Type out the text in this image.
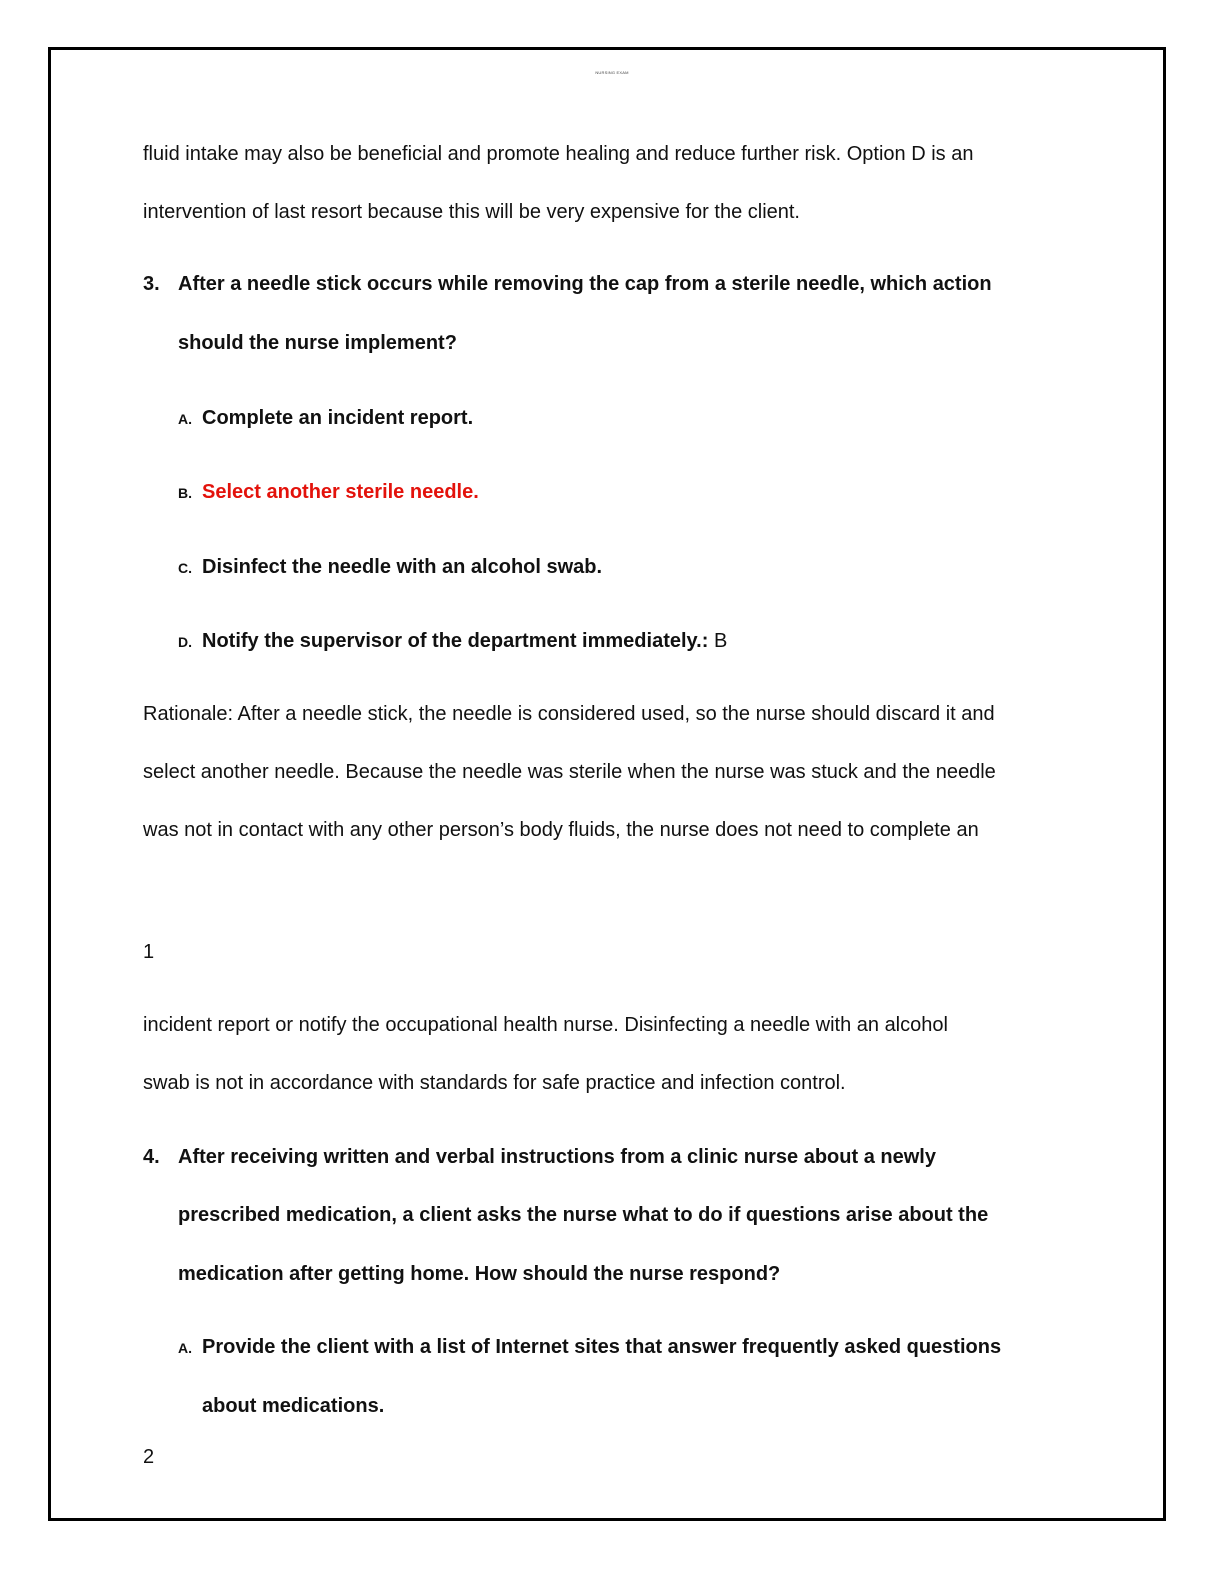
NURSING EXAM
fluid intake may also be beneficial and promote healing and reduce further risk. Option D is an
intervention of last resort because this will be very expensive for the client.
3. After a needle stick occurs while removing the cap from a sterile needle, which action
should the nurse implement?
A. Complete an incident report.
B. Select another sterile needle.
C. Disinfect the needle with an alcohol swab.
D. Notify the supervisor of the department immediately.: B
Rationale: After a needle stick, the needle is considered used, so the nurse should discard it and
select another needle. Because the needle was sterile when the nurse was stuck and the needle
was not in contact with any other person’s body fluids, the nurse does not need to complete an
1
incident report or notify the occupational health nurse. Disinfecting a needle with an alcohol
swab is not in accordance with standards for safe practice and infection control.
4. After receiving written and verbal instructions from a clinic nurse about a newly
prescribed medication, a client asks the nurse what to do if questions arise about the
medication after getting home. How should the nurse respond?
A. Provide the client with a list of Internet sites that answer frequently asked questions
about medications.
2
